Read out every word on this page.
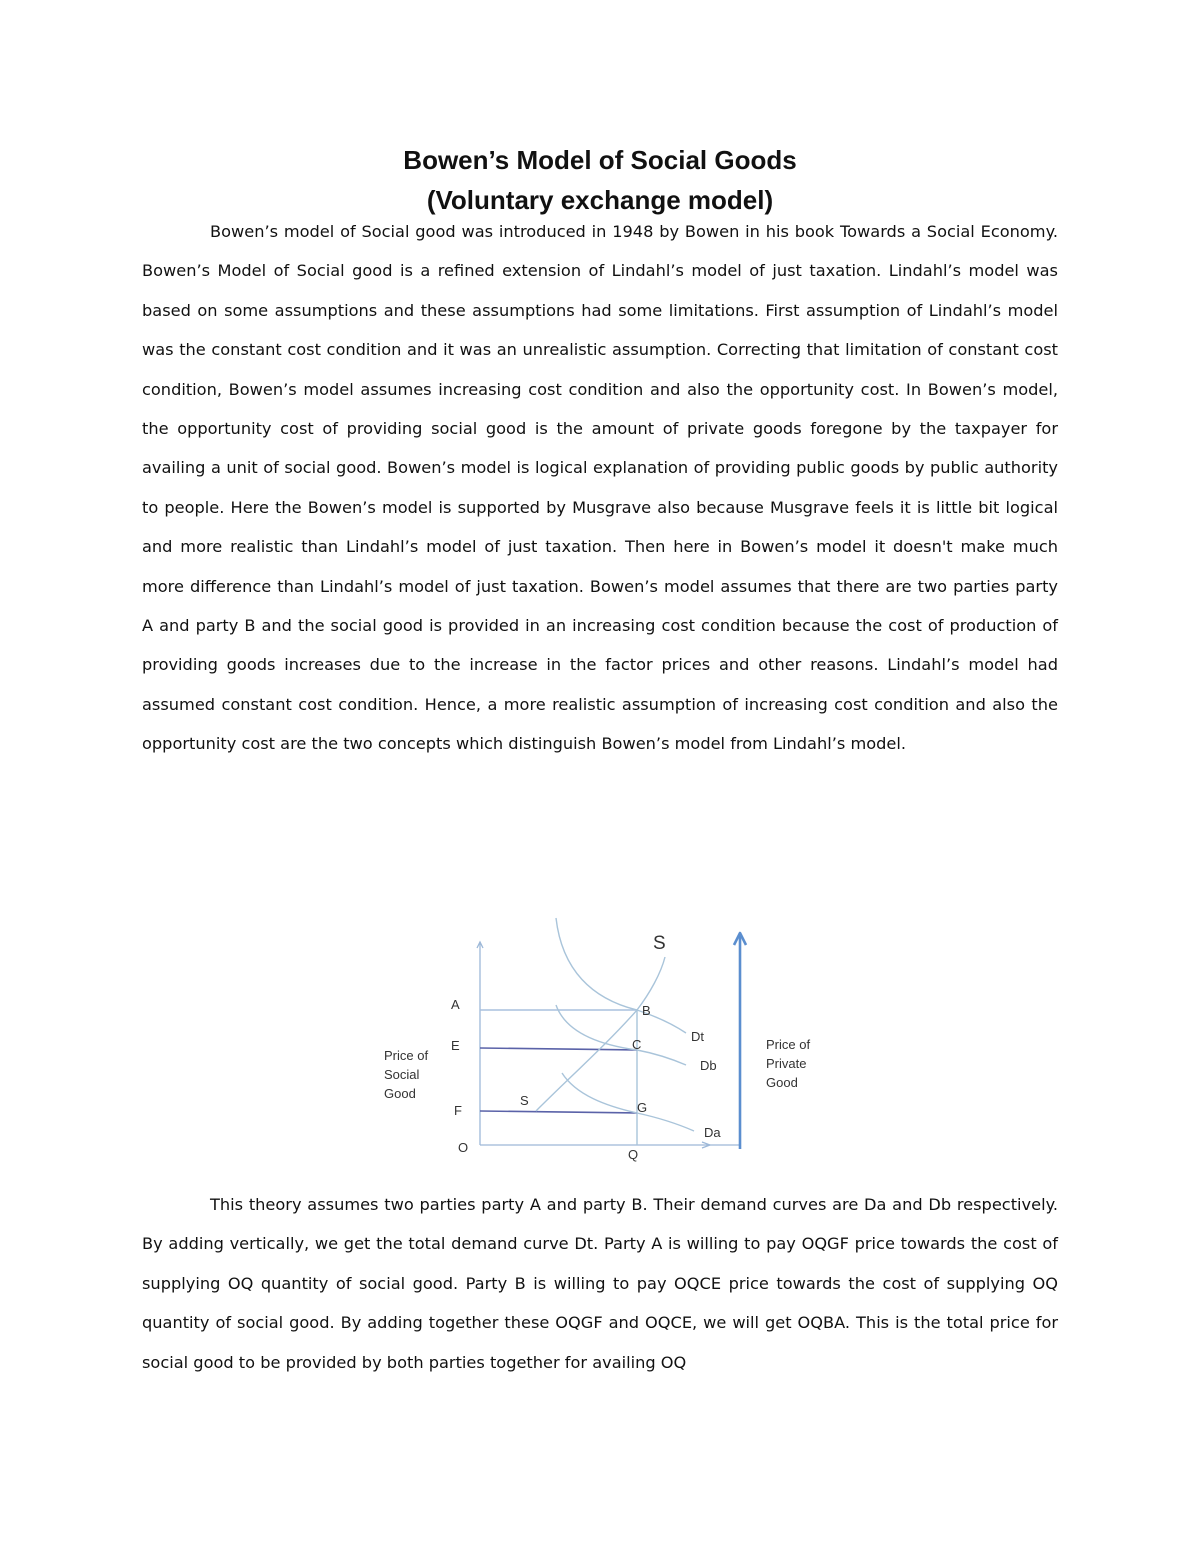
Bowen’s Model of Social Goods
(Voluntary exchange model)

Bowen’s model of Social good was introduced in 1948 by Bowen in his book Towards a Social Economy. Bowen’s Model of Social good is a refined extension of Lindahl’s model of just taxation. Lindahl’s model was based on some assumptions and these assumptions had some limitations. First assumption of Lindahl’s model was the constant cost condition and it was an unrealistic assumption. Correcting that limitation of constant cost condition, Bowen’s model assumes increasing cost condition and also the opportunity cost. In Bowen’s model, the opportunity cost of providing social good is the amount of private goods foregone by the taxpayer for availing a unit of social good. Bowen’s model is logical explanation of providing public goods by public authority to people. Here the Bowen’s model is supported by Musgrave also because Musgrave feels it is little bit logical and more realistic than Lindahl’s model of just taxation. Then here in Bowen’s model it doesn't make much more difference than Lindahl’s model of just taxation. Bowen’s model assumes that there are two parties party A and party B and the social good is provided in an increasing cost condition because the cost of production of providing goods increases due to the increase in the factor prices and other reasons. Lindahl’s model had assumed constant cost condition. Hence, a more realistic assumption of increasing cost condition and also the opportunity cost are the two concepts which distinguish Bowen’s model from Lindahl’s model.

Price of
Social
Good
Price of
Private
Good
A
E
F
O	Q
B
C
G
S
S
Dt
Db
Da

This theory assumes two parties party A and party B. Their demand curves are Da and Db respectively. By adding vertically, we get the total demand curve Dt. Party A is willing to pay OQGF price towards the cost of supplying OQ quantity of social good. Party B is willing to pay OQCE price towards the cost of supplying OQ quantity of social good. By adding together these OQGF and OQCE, we will get OQBA. This is the total price for social good to be provided by both parties together for availing OQ
